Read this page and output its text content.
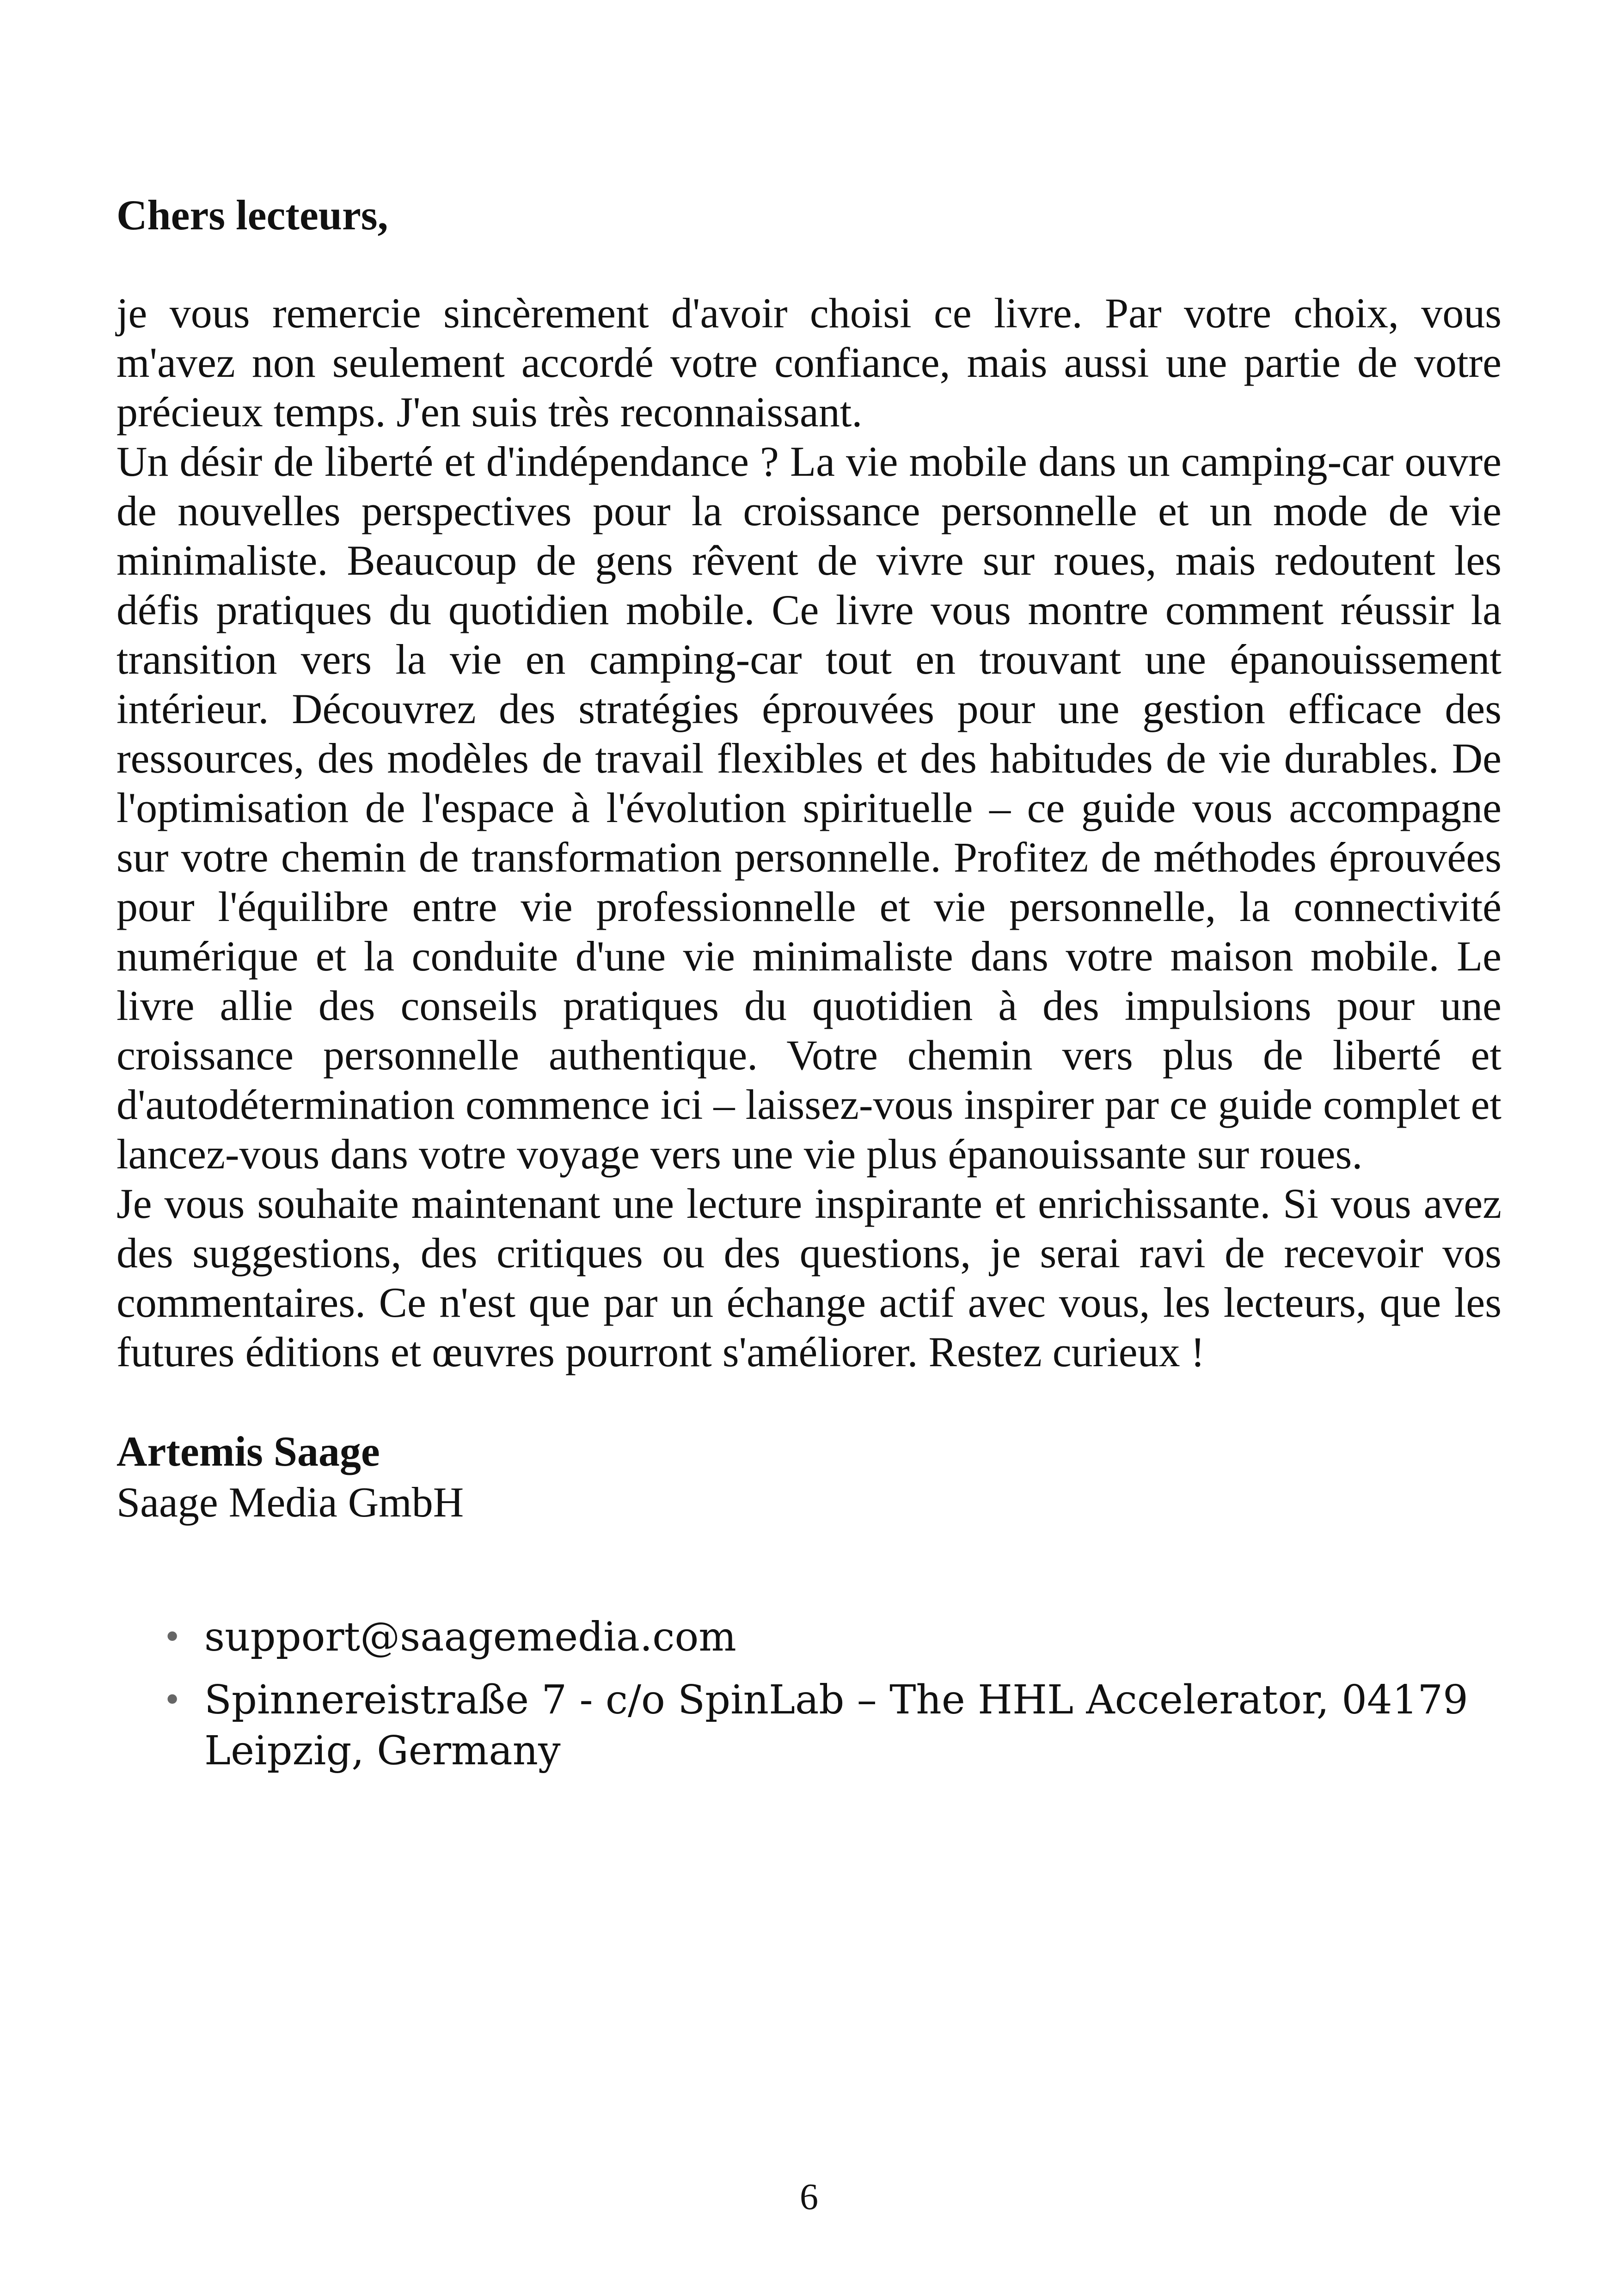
Chers lecteurs,

je vous remercie sincèrement d'avoir choisi ce livre. Par votre choix, vous m'avez non seulement accordé votre confiance, mais aussi une partie de votre précieux temps. J'en suis très reconnaissant.

Un désir de liberté et d'indépendance ? La vie mobile dans un camping-car ouvre de nouvelles perspectives pour la croissance personnelle et un mode de vie minimaliste. Beaucoup de gens rêvent de vivre sur roues, mais redoutent les défis pratiques du quotidien mobile. Ce livre vous montre comment réussir la transition vers la vie en camping-car tout en trouvant une épanouissement intérieur. Découvrez des stratégies éprouvées pour une gestion efficace des ressources, des modèles de travail flexibles et des habitudes de vie durables. De l'optimisation de l'espace à l'évolution spirituelle – ce guide vous accompagne sur votre chemin de transformation personnelle. Profitez de méthodes éprouvées pour l'équilibre entre vie professionnelle et vie personnelle, la connectivité numérique et la conduite d'une vie minimaliste dans votre maison mobile. Le livre allie des conseils pratiques du quotidien à des impulsions pour une croissance personnelle authentique. Votre chemin vers plus de liberté et d'autodétermination commence ici – laissez-vous inspirer par ce guide complet et lancez-vous dans votre voyage vers une vie plus épanouissante sur roues.

Je vous souhaite maintenant une lecture inspirante et enrichissante. Si vous avez des suggestions, des critiques ou des questions, je serai ravi de recevoir vos commentaires. Ce n'est que par un échange actif avec vous, les lecteurs, que les futures éditions et œuvres pourront s'améliorer. Restez curieux !

Artemis Saage
Saage Media GmbH
• support@saagemedia.com
• Spinnereistraße 7 - c/o SpinLab – The HHL Accelerator, 04179 Leipzig, Germany
6
